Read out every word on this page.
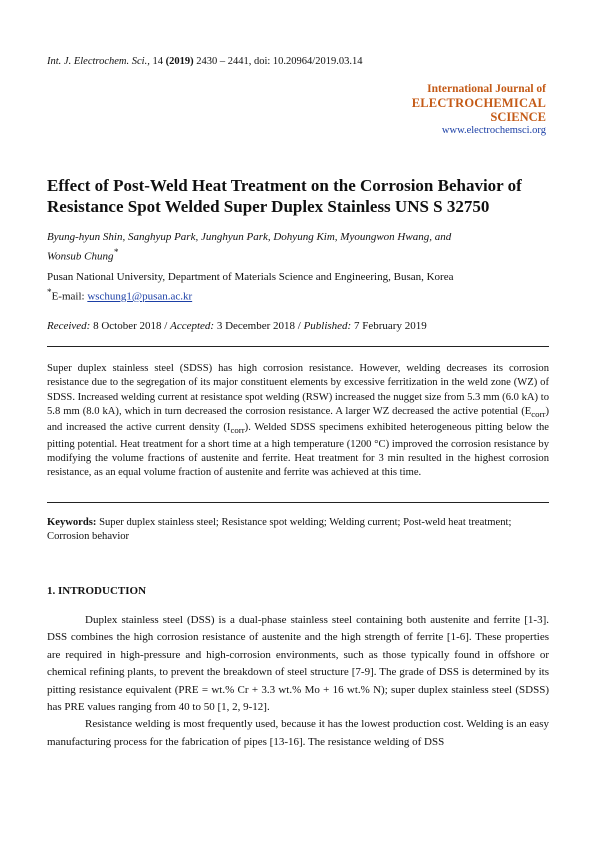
Int. J. Electrochem. Sci., 14 (2019) 2430 – 2441, doi: 10.20964/2019.03.14
International Journal of
ELECTROCHEMICAL
SCIENCE
www.electrochemsci.org
Effect of Post-Weld Heat Treatment on the Corrosion Behavior of Resistance Spot Welded Super Duplex Stainless UNS S 32750
Byung-hyun Shin, Sanghyup Park, Junghyun Park, Dohyung Kim, Myoungwon Hwang, and Wonsub Chung*
Pusan National University, Department of Materials Science and Engineering, Busan, Korea
*E-mail: wschung1@pusan.ac.kr
Received: 8 October 2018 / Accepted: 3 December 2018 / Published: 7 February 2019
Super duplex stainless steel (SDSS) has high corrosion resistance. However, welding decreases its corrosion resistance due to the segregation of its major constituent elements by excessive ferritization in the weld zone (WZ) of SDSS. Increased welding current at resistance spot welding (RSW) increased the nugget size from 5.3 mm (6.0 kA) to 5.8 mm (8.0 kA), which in turn decreased the corrosion resistance. A larger WZ decreased the active potential $(E_{corr})$ and increased the active current density $(I_{corr})$. Welded SDSS specimens exhibited heterogeneous pitting below the pitting potential. Heat treatment for a short time at a high temperature (1200 °C) improved the corrosion resistance by modifying the volume fractions of austenite and ferrite. Heat treatment for 3 min resulted in the highest corrosion resistance, as an equal volume fraction of austenite and ferrite was achieved at this time.
Keywords: Super duplex stainless steel; Resistance spot welding; Welding current; Post-weld heat treatment; Corrosion behavior
1. INTRODUCTION

Duplex stainless steel (DSS) is a dual-phase stainless steel containing both austenite and ferrite [1-3]. DSS combines the high corrosion resistance of austenite and the high strength of ferrite [1-6]. These properties are required in high-pressure and high-corrosion environments, such as those typically found in offshore or chemical refining plants, to prevent the breakdown of steel structure [7-9]. The grade of DSS is determined by its pitting resistance equivalent (PRE = wt.% Cr + 3.3 wt.% Mo + 16 wt.% N); super duplex stainless steel (SDSS) has PRE values ranging from 40 to 50 [1, 2, 9-12].

Resistance welding is most frequently used, because it has the lowest production cost. Welding is an easy manufacturing process for the fabrication of pipes [13-16]. The resistance welding of DSS
